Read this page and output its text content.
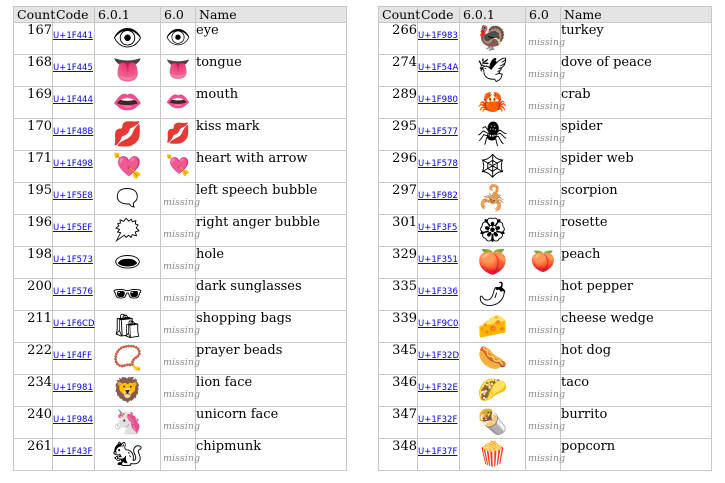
Count	Code	6.0.1	6.0	Name
167	U+1F441	👁	👁	eye
168	U+1F445	👅	👅	tongue
169	U+1F444	👄	👄	mouth
170	U+1F48B	💋	💋	kiss mark
171	U+1F498	💘	💘	heart with arrow
195	U+1F5E8	🗨	missing	left speech bubble
196	U+1F5EF	🗯	missing	right anger bubble
198	U+1F573	🕳	missing	hole
200	U+1F576	🕶	missing	dark sunglasses
211	U+1F6CD	🛍	missing	shopping bags
222	U+1F4FF	📿	missing	prayer beads
234	U+1F981	🦁	missing	lion face
240	U+1F984	🦄	missing	unicorn face
261	U+1F43F	🐿	missing	chipmunk
Count	Code	6.0.1	6.0	Name
266	U+1F983	🦃	missing	turkey
274	U+1F54A	🕊	missing	dove of peace
289	U+1F980	🦀	missing	crab
295	U+1F577	🕷	missing	spider
296	U+1F578	🕸	missing	spider web
297	U+1F982	🦂	missing	scorpion
301	U+1F3F5	🏵	missing	rosette
329	U+1F351	🍑	🍑	peach
335	U+1F336	🌶	missing	hot pepper
339	U+1F9C0	🧀	missing	cheese wedge
345	U+1F32D	🌭	missing	hot dog
346	U+1F32E	🌮	missing	taco
347	U+1F32F	🌯	missing	burrito
348	U+1F37F	🍿	missing	popcorn
